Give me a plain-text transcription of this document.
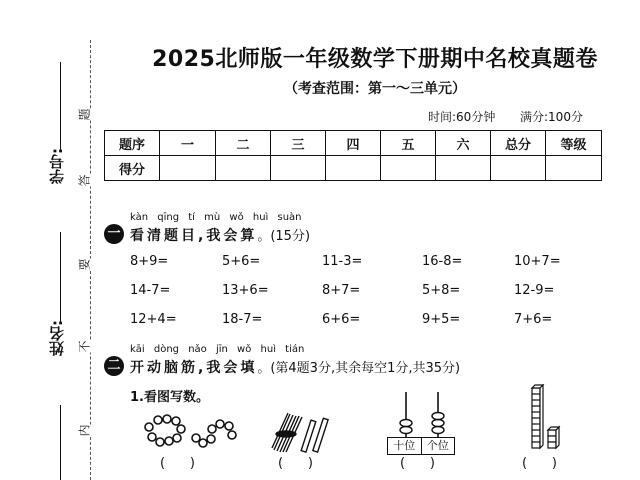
学号:
姓名:
题
答
要
不
内
2025北师版一年级数学下册期中名校真题卷
（考查范围：第一～三单元）
时间:60分钟 满分:100分
题序	一	二	三	四	五	六	总分	等级
得分								
kàn qīng tí mù wǒ huì suàn
一 看清题目,我会算。(15分)
8+9=	5+6=	11-3=	16-8=	10+7=
14-7=	13+6=	8+7=	5+8=	12-9=
12+4=	18-7=	6+6=	9+5=	7+6=
kāi dòng nǎo jīn wǒ huì tián
二 开动脑筋,我会填。(第4题3分,其余每空1分,共35分)
1.看图写数。
十位	个位
(      )	(      )	(      )	(      )
